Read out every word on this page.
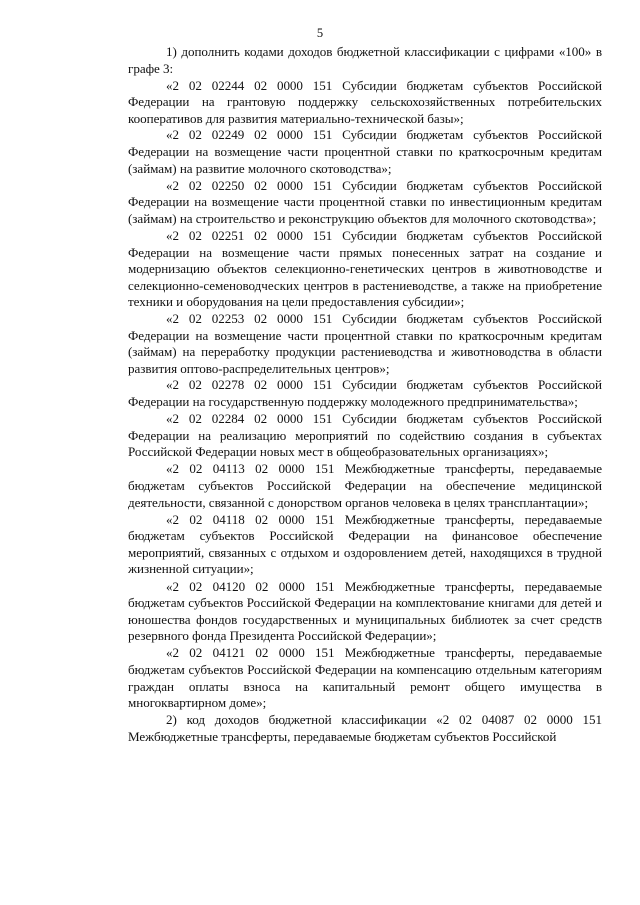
5

1) дополнить кодами доходов бюджетной классификации с цифрами «100» в графе 3:

«2 02 02244 02 0000 151 Субсидии бюджетам субъектов Российской Федерации на грантовую поддержку сельскохозяйственных потребительских кооперативов для развития материально-технической базы»;

«2 02 02249 02 0000 151 Субсидии бюджетам субъектов Российской Федерации на возмещение части процентной ставки по краткосрочным кредитам (займам) на развитие молочного скотоводства»;

«2 02 02250 02 0000 151 Субсидии бюджетам субъектов Российской Федерации на возмещение части процентной ставки по инвестиционным кредитам (займам) на строительство и реконструкцию объектов для молочного скотоводства»;

«2 02 02251 02 0000 151 Субсидии бюджетам субъектов Российской Федерации на возмещение части прямых понесенных затрат на создание и модернизацию объектов селекционно-генетических центров в животноводстве и селекционно-семеноводческих центров в растениеводстве, а также на приобретение техники и оборудования на цели предоставления субсидии»;

«2 02 02253 02 0000 151 Субсидии бюджетам субъектов Российской Федерации на возмещение части процентной ставки по краткосрочным кредитам (займам) на переработку продукции растениеводства и животноводства в области развития оптово-распределительных центров»;

«2 02 02278 02 0000 151 Субсидии бюджетам субъектов Российской Федерации на государственную поддержку молодежного предпринимательства»;

«2 02 02284 02 0000 151 Субсидии бюджетам субъектов Российской Федерации на реализацию мероприятий по содействию создания в субъектах Российской Федерации новых мест в общеобразовательных организациях»;

«2 02 04113 02 0000 151 Межбюджетные трансферты, передаваемые бюджетам субъектов Российской Федерации на обеспечение медицинской деятельности, связанной с донорством органов человека в целях трансплантации»;

«2 02 04118 02 0000 151 Межбюджетные трансферты, передаваемые бюджетам субъектов Российской Федерации на финансовое обеспечение мероприятий, связанных с отдыхом и оздоровлением детей, находящихся в трудной жизненной ситуации»;

«2 02 04120 02 0000 151 Межбюджетные трансферты, передаваемые бюджетам субъектов Российской Федерации на комплектование книгами для детей и юношества фондов государственных и муниципальных библиотек за счет средств резервного фонда Президента Российской Федерации»;

«2 02 04121 02 0000 151 Межбюджетные трансферты, передаваемые бюджетам субъектов Российской Федерации на компенсацию отдельным категориям граждан оплаты взноса на капитальный ремонт общего имущества в многоквартирном доме»;

2) код доходов бюджетной классификации «2 02 04087 02 0000 151 Межбюджетные трансферты, передаваемые бюджетам субъектов Российской
